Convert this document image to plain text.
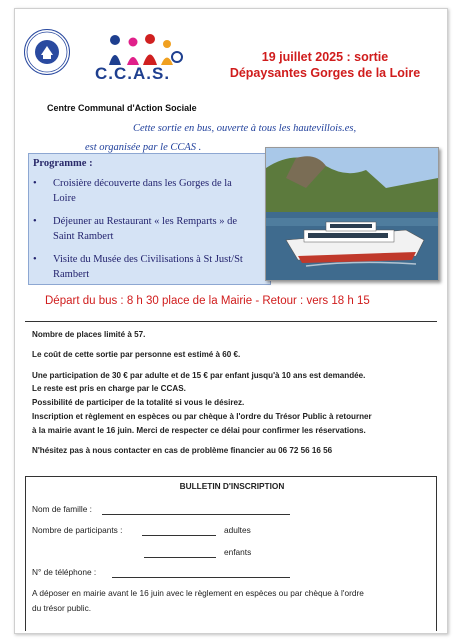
C.C.A.S.
Centre Communal d'Action Sociale
19 juillet 2025 : sortie
Dépaysantes Gorges de la Loire
Cette sortie en bus, ouverte à tous les hautevillois.es,
est organisée par le CCAS .
Programme :
• Croisière découverte dans les Gorges de la Loire
• Déjeuner au Restaurant « les Remparts » de Saint Rambert
• Visite du Musée des Civilisations à St Just/St Rambert
Départ du bus : 8 h 30 place de la Mairie - Retour : vers 18 h 15
Nombre de places limité à 57.
Le coût de cette sortie par personne est estimé à 60 €.
Une participation de 30 € par adulte et de 15 € par enfant jusqu'à 10 ans est demandée.
Le reste est pris en charge par le CCAS.
Possibilité de participer de la totalité si vous le désirez.
Inscription et règlement en espèces ou par chèque à l'ordre du Trésor Public à retourner
à la mairie avant le 16 juin. Merci de respecter ce délai pour confirmer les réservations.
N'hésitez pas à nous contacter en cas de problème financier au 06 72 56 16 56
BULLETIN D'INSCRIPTION
Nom de famille :
Nombre de participants :	adultes
enfants
N° de téléphone :
A déposer en mairie avant le 16 juin avec le règlement en espèces ou par chèque à l'ordre
du trésor public.
